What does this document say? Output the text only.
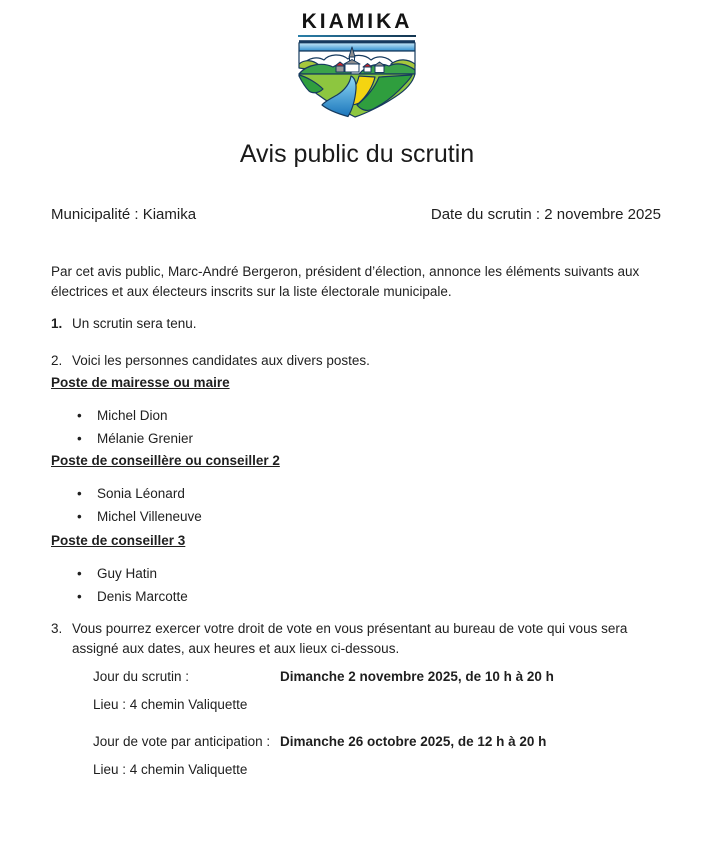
KIAMIKA
Avis public du scrutin
Municipalité : Kiamika	Date du scrutin : 2 novembre 2025

Par cet avis public, Marc-André Bergeron, président d’élection, annonce les éléments suivants aux électrices et aux électeurs inscrits sur la liste électorale municipale.

1. Un scrutin sera tenu.
2. Voici les personnes candidates aux divers postes.
Poste de mairesse ou maire
• Michel Dion
• Mélanie Grenier
Poste de conseillère ou conseiller 2
• Sonia Léonard
• Michel Villeneuve
Poste de conseiller 3
• Guy Hatin
• Denis Marcotte
3. Vous pourrez exercer votre droit de vote en vous présentant au bureau de vote qui vous sera assigné aux dates, aux heures et aux lieux ci-dessous.
Jour du scrutin :	Dimanche 2 novembre 2025, de 10 h à 20 h
Lieu : 4 chemin Valiquette
Jour de vote par anticipation : Dimanche 26 octobre 2025, de 12 h à 20 h
Lieu : 4 chemin Valiquette
